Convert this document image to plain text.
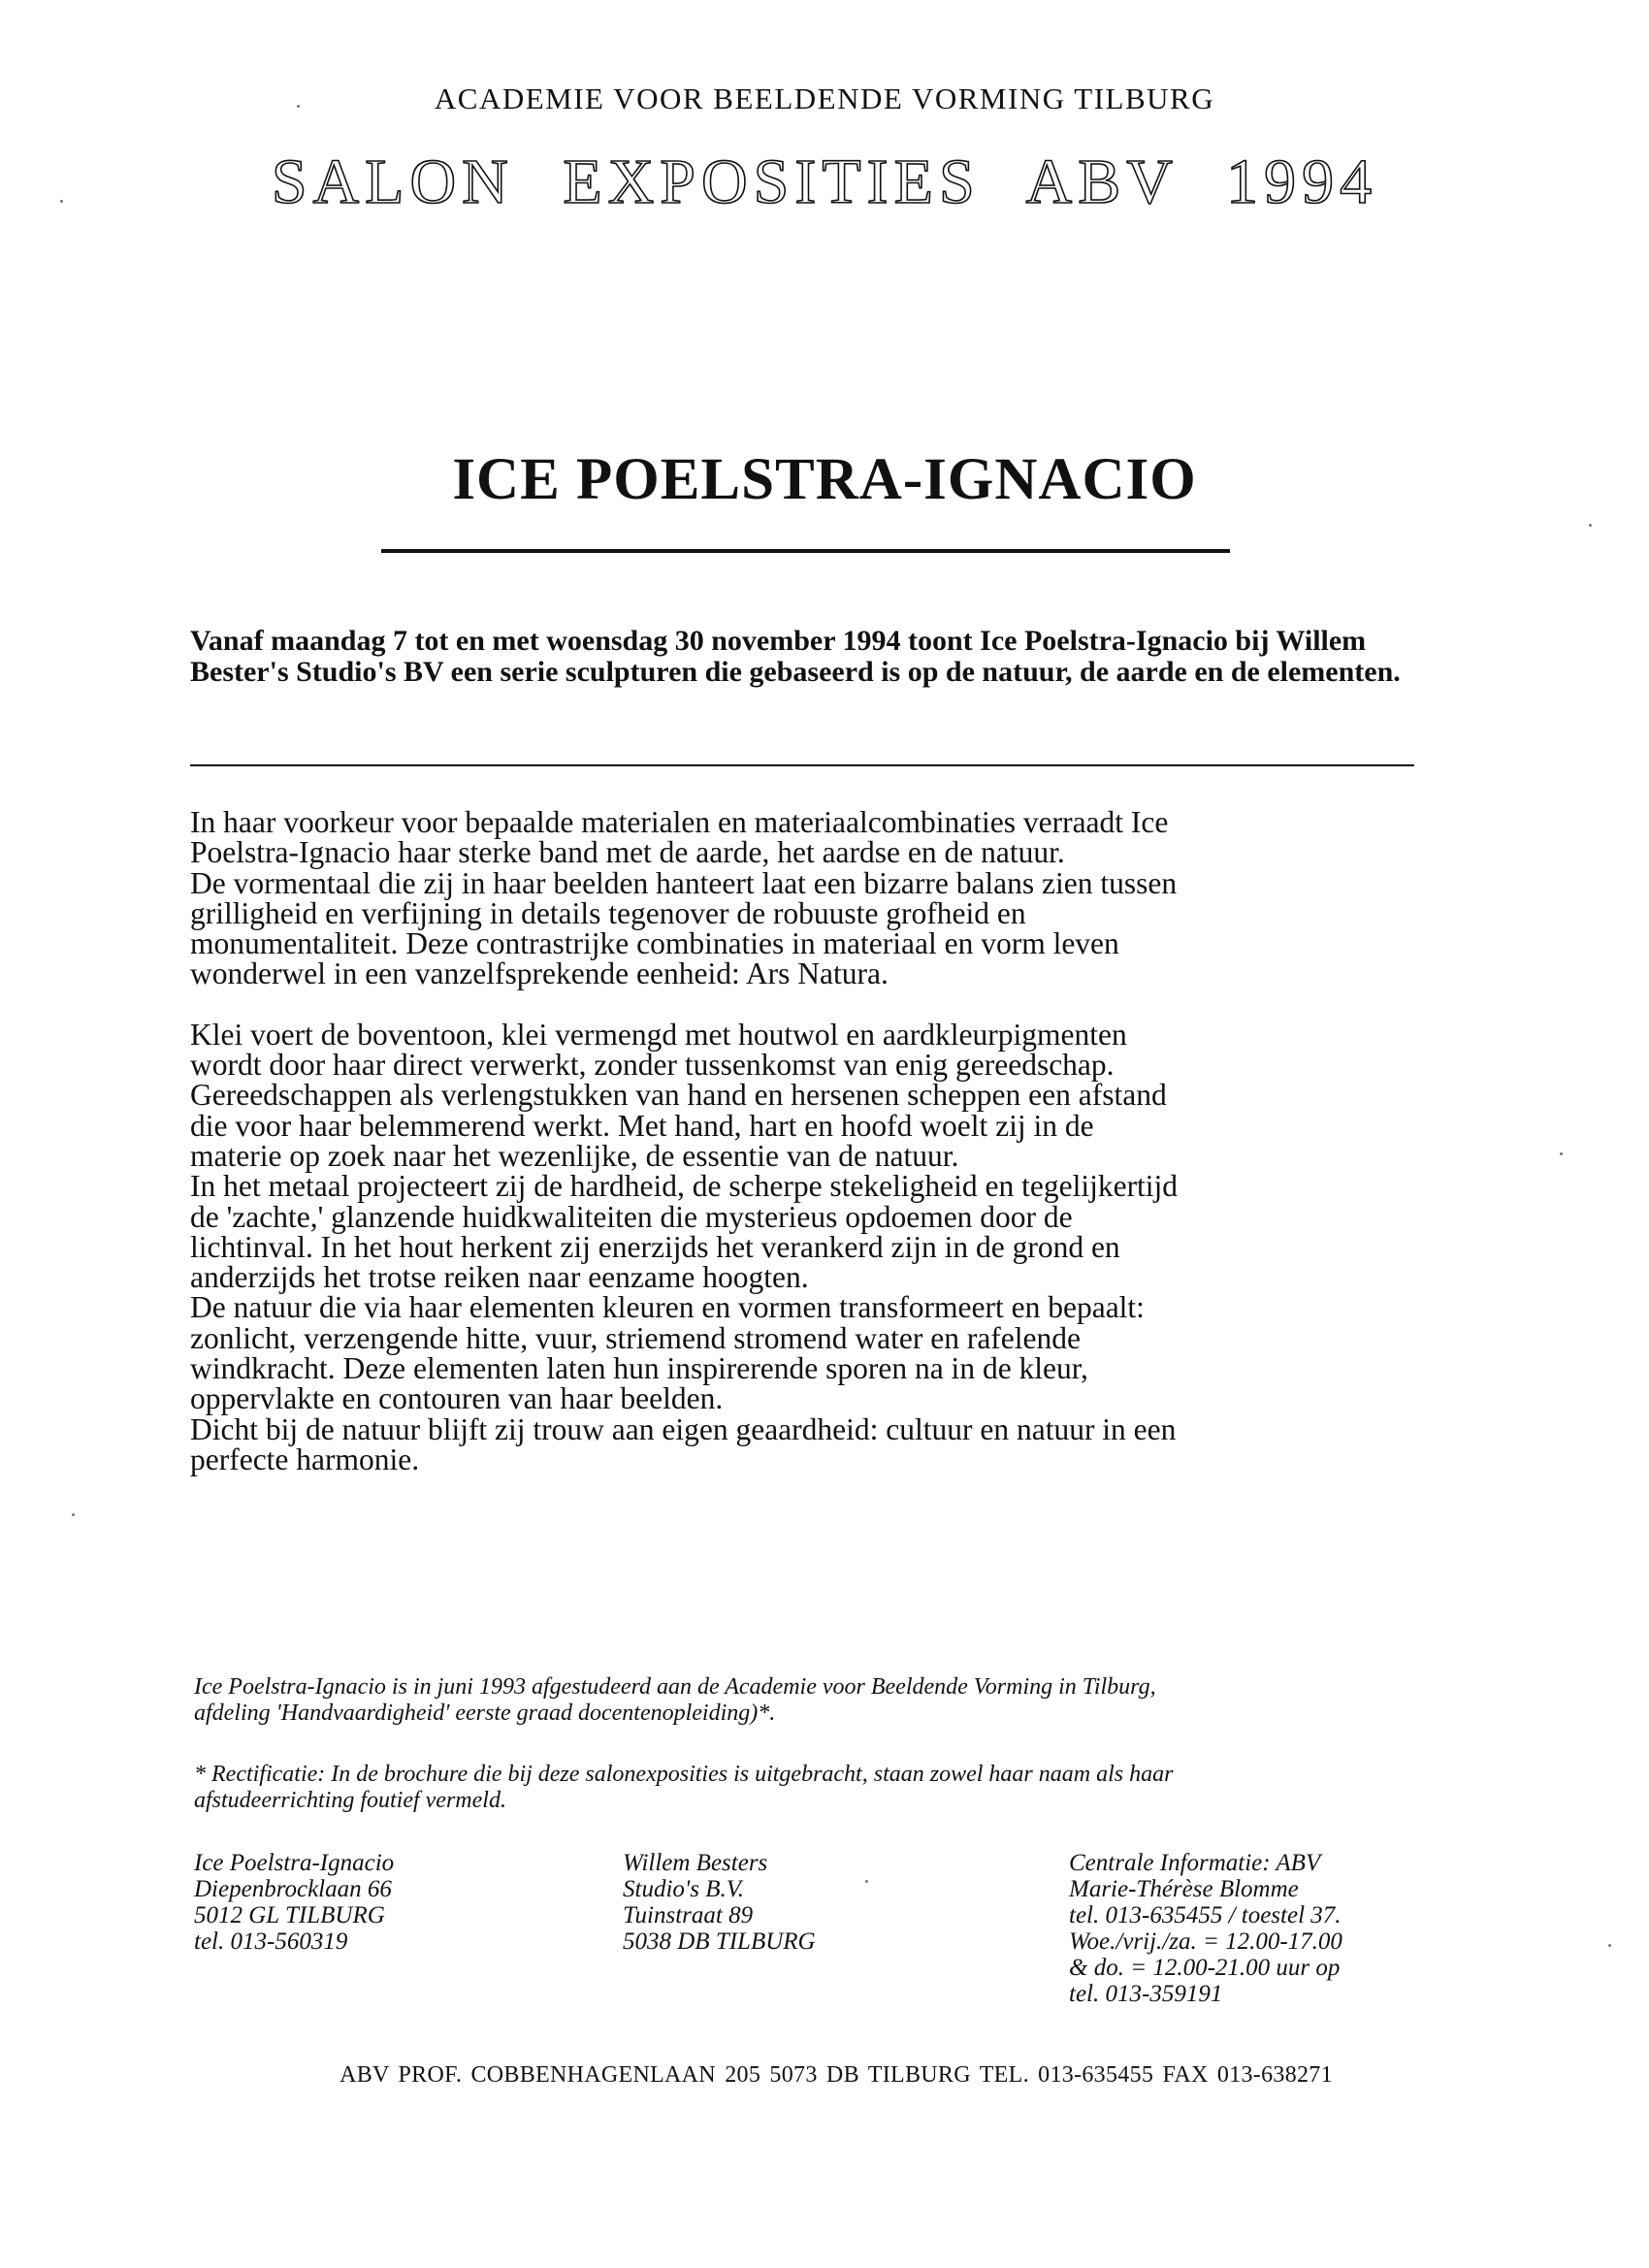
ACADEMIE VOOR BEELDENDE VORMING TILBURG
SALON EXPOSITIES ABV 1994
ICE POELSTRA-IGNACIO
Vanaf maandag 7 tot en met woensdag 30 november 1994 toont Ice Poelstra-Ignacio bij Willem Bester's Studio's BV een serie sculpturen die gebaseerd is op de natuur, de aarde en de elementen.

In haar voorkeur voor bepaalde materialen en materiaalcombinaties verraadt Ice
Poelstra-Ignacio haar sterke band met de aarde, het aardse en de natuur.
De vormentaal die zij in haar beelden hanteert laat een bizarre balans zien tussen
grilligheid en verfijning in details tegenover de robuuste grofheid en
monumentaliteit. Deze contrastrijke combinaties in materiaal en vorm leven
wonderwel in een vanzelfsprekende eenheid: Ars Natura.

Klei voert de boventoon, klei vermengd met houtwol en aardkleurpigmenten
wordt door haar direct verwerkt, zonder tussenkomst van enig gereedschap.
Gereedschappen als verlengstukken van hand en hersenen scheppen een afstand
die voor haar belemmerend werkt. Met hand, hart en hoofd woelt zij in de
materie op zoek naar het wezenlijke, de essentie van de natuur.
In het metaal projecteert zij de hardheid, de scherpe stekeligheid en tegelijkertijd
de 'zachte,' glanzende huidkwaliteiten die mysterieus opdoemen door de
lichtinval. In het hout herkent zij enerzijds het verankerd zijn in de grond en
anderzijds het trotse reiken naar eenzame hoogten.
De natuur die via haar elementen kleuren en vormen transformeert en bepaalt:
zonlicht, verzengende hitte, vuur, striemend stromend water en rafelende
windkracht. Deze elementen laten hun inspirerende sporen na in de kleur,
oppervlakte en contouren van haar beelden.
Dicht bij de natuur blijft zij trouw aan eigen geaardheid: cultuur en natuur in een
perfecte harmonie.

Ice Poelstra-Ignacio is in juni 1993 afgestudeerd aan de Academie voor Beeldende Vorming in Tilburg,
afdeling 'Handvaardigheid' eerste graad docentenopleiding)*.
* Rectificatie: In de brochure die bij deze salonexposities is uitgebracht, staan zowel haar naam als haar
afstudeerrichting foutief vermeld.
Ice Poelstra-Ignacio
Diepenbrocklaan 66
5012 GL TILBURG
tel. 013-560319
Willem Besters
Studio's B.V.
Tuinstraat 89
5038 DB TILBURG
Centrale Informatie: ABV
Marie-Thérèse Blomme
tel. 013-635455 / toestel 37.
Woe./vrij./za. = 12.00-17.00
& do. = 12.00-21.00 uur op
tel. 013-359191
ABV PROF. COBBENHAGENLAAN 205 5073 DB TILBURG TEL. 013-635455 FAX 013-638271
